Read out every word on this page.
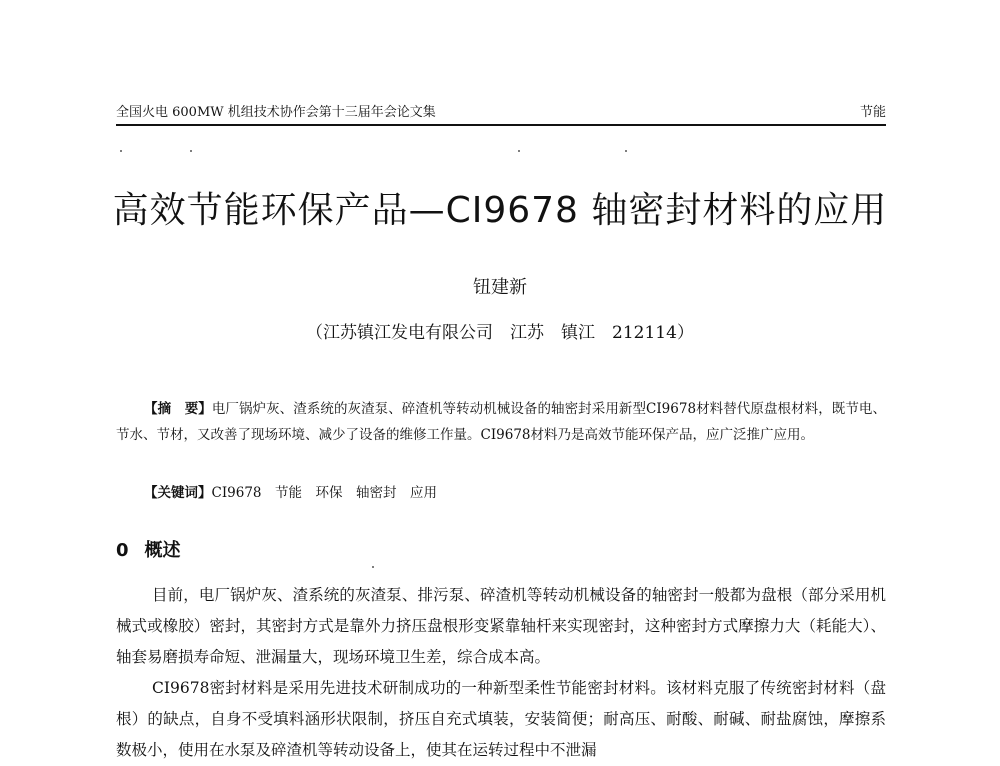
全国火电 600MW 机组技术协作会第十三届年会论文集	节能
高效节能环保产品—CI9678 轴密封材料的应用
钮建新
（江苏镇江发电有限公司　江苏　镇江　212114）
【摘　要】电厂锅炉灰、渣系统的灰渣泵、碎渣机等转动机械设备的轴密封采用新型CI9678材料替代原盘根材料，既节电、节水、节材，又改善了现场环境、减少了设备的维修工作量。CI9678材料乃是高效节能环保产品，应广泛推广应用。
【关键词】CI9678　节能　环保　轴密封　应用
0 概述

目前，电厂锅炉灰、渣系统的灰渣泵、排污泵、碎渣机等转动机械设备的轴密封一般都为盘根（部分采用机械式或橡胶）密封，其密封方式是靠外力挤压盘根形变紧靠轴杆来实现密封，这种密封方式摩擦力大（耗能大）、轴套易磨损寿命短、泄漏量大，现场环境卫生差，综合成本高。

CI9678密封材料是采用先进技术研制成功的一种新型柔性节能密封材料。该材料克服了传统密封材料（盘根）的缺点，自身不受填料涵形状限制，挤压自充式填装，安装简便；耐高压、耐酸、耐碱、耐盐腐蚀，摩擦系数极小，使用在水泵及碎渣机等转动设备上，使其在运转过程中不泄漏
